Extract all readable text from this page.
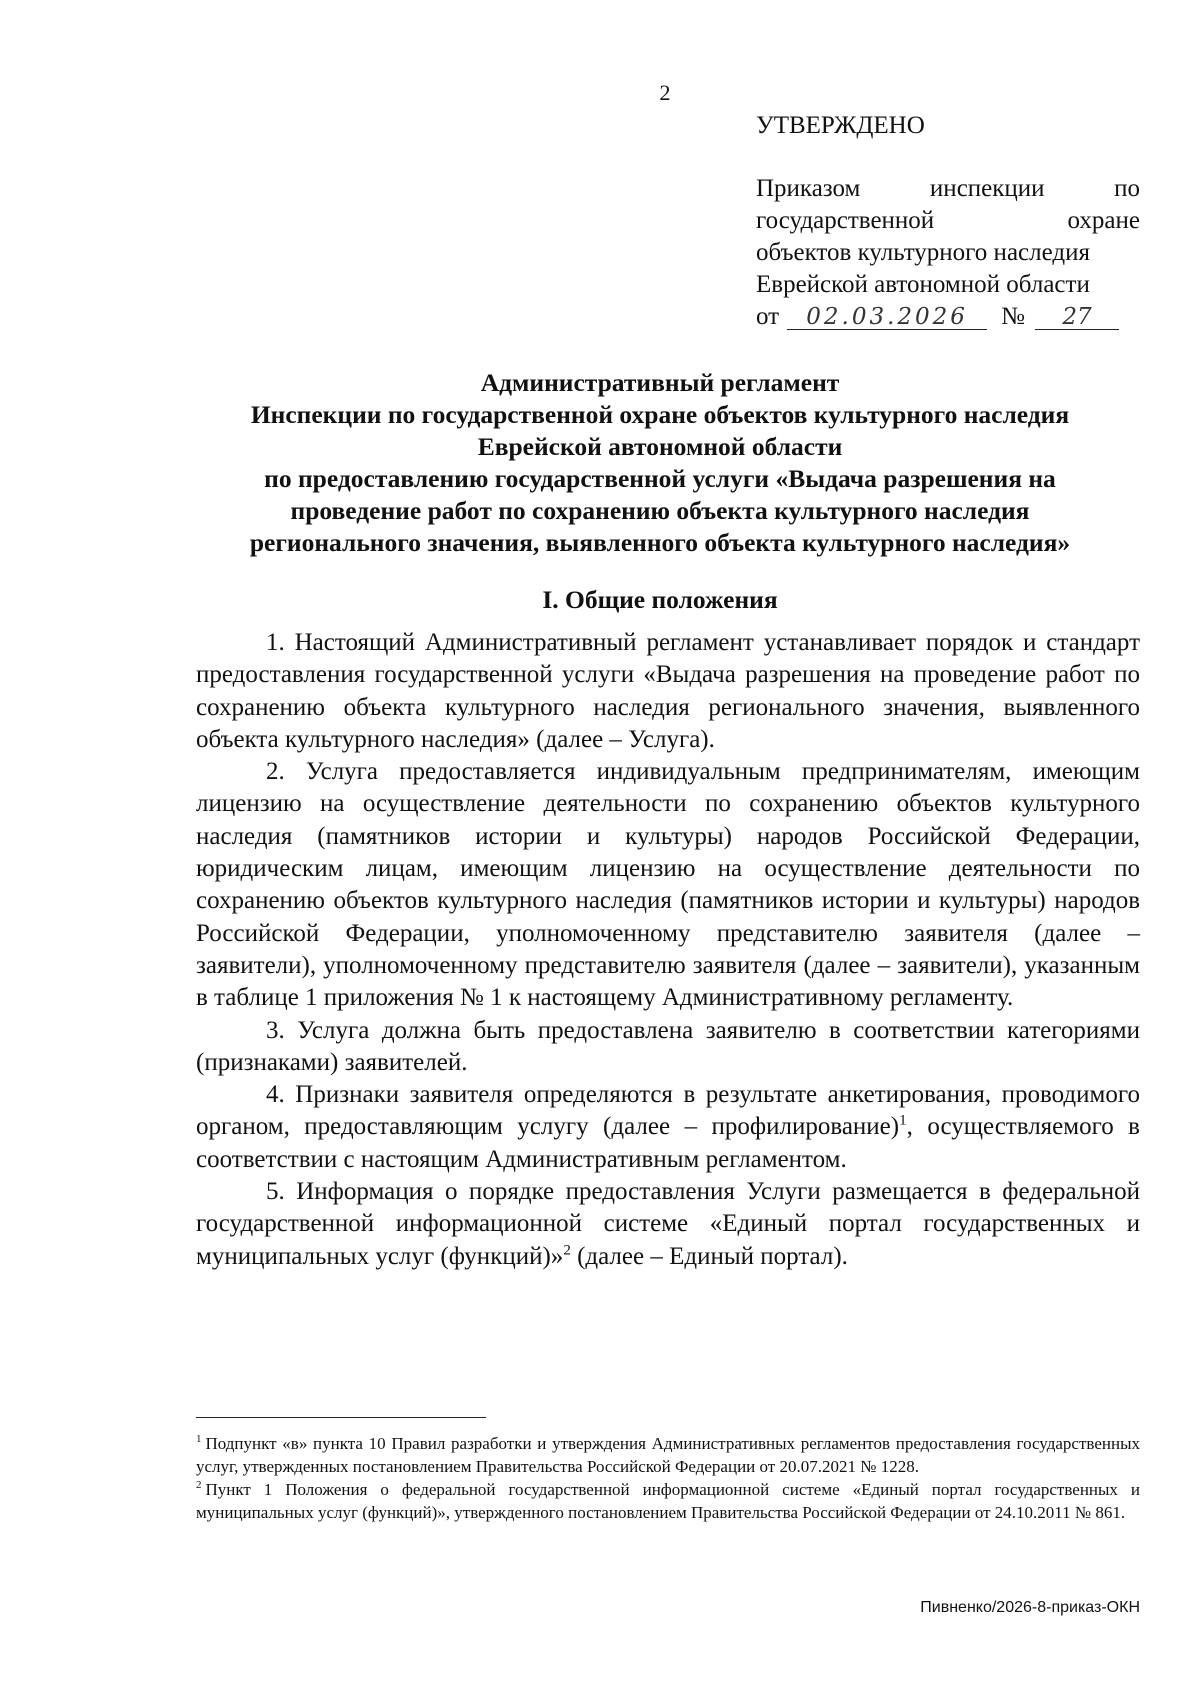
2
УТВЕРЖДЕНО
Приказом инспекции по
государственной охране
объектов культурного наследия
Еврейской автономной области
от	02.03.2026	№	27
Административный регламент
Инспекции по государственной охране объектов культурного наследия
Еврейской автономной области
по предоставлению государственной услуги «Выдача разрешения на
проведение работ по сохранению объекта культурного наследия
регионального значения, выявленного объекта культурного наследия»
I. Общие положения

1. Настоящий Административный регламент устанавливает порядок и стандарт предоставления государственной услуги «Выдача разрешения на проведение работ по сохранению объекта культурного наследия регионального значения, выявленного объекта культурного наследия» (далее – Услуга).

2. Услуга предоставляется индивидуальным предпринимателям, имеющим лицензию на осуществление деятельности по сохранению объектов культурного наследия (памятников истории и культуры) народов Российской Федерации, юридическим лицам, имеющим лицензию на осуществление деятельности по сохранению объектов культурного наследия (памятников истории и культуры) народов Российской Федерации, уполномоченному представителю заявителя (далее – заявители), уполномоченному представителю заявителя (далее – заявители), указанным в таблице 1 приложения № 1 к настоящему Административному регламенту.

3. Услуга должна быть предоставлена заявителю в соответствии категориями (признаками) заявителей.

4. Признаки заявителя определяются в результате анкетирования, проводимого органом, предоставляющим услугу (далее – профилирование)$^1$, осуществляемого в соответствии с настоящим Административным регламентом.

5. Информация о порядке предоставления Услуги размещается в федеральной государственной информационной системе «Единый портал государственных и муниципальных услуг (функций)»$^2$ (далее – Единый портал).

$^1$ Подпункт «в» пункта 10 Правил разработки и утверждения Административных регламентов предоставления государственных услуг, утвержденных постановлением Правительства Российской Федерации от 20.07.2021 № 1228.

$^2$ Пункт 1 Положения о федеральной государственной информационной системе «Единый портал государственных и муниципальных услуг (функций)», утвержденного постановлением Правительства Российской Федерации от 24.10.2011 № 861.

Пивненко/2026-8-приказ-ОКН
